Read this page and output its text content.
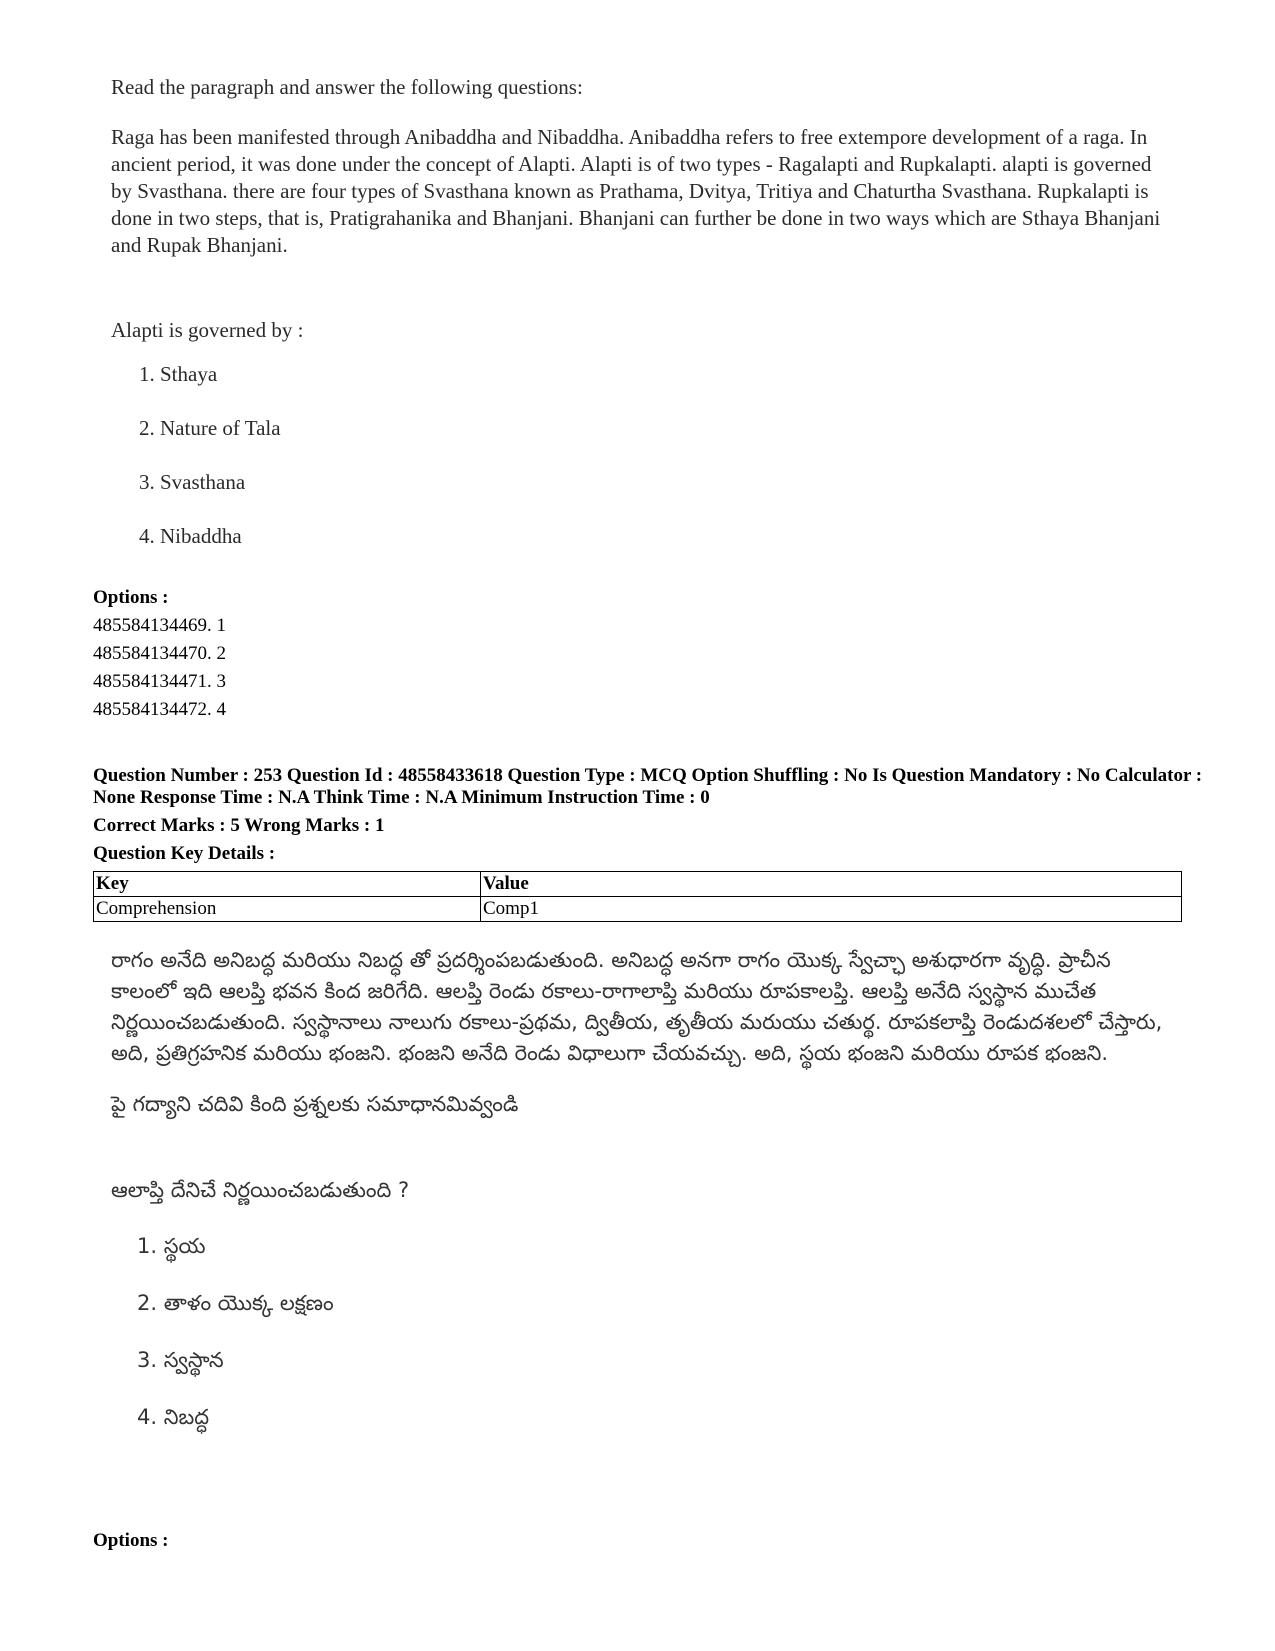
Read the paragraph and answer the following questions:

Raga has been manifested through Anibaddha and Nibaddha. Anibaddha refers to free extempore development of a raga. In ancient period, it was done under the concept of Alapti. Alapti is of two types - Ragalapti and Rupkalapti. alapti is governed by Svasthana. there are four types of Svasthana known as Prathama, Dvitya, Tritiya and Chaturtha Svasthana. Rupkalapti is done in two steps, that is, Pratigrahanika and Bhanjani. Bhanjani can further be done in two ways which are Sthaya Bhanjani and Rupak Bhanjani.

Alapti is governed by :

1. Sthaya
2. Nature of Tala
3. Svasthana
4. Nibaddha
Options :
485584134469. 1
485584134470. 2
485584134471. 3
485584134472. 4
Question Number : 253 Question Id : 48558433618 Question Type : MCQ Option Shuffling : No Is Question Mandatory : No Calculator : None Response Time : N.A Think Time : N.A Minimum Instruction Time : 0
Correct Marks : 5 Wrong Marks : 1
Question Key Details :
Key	Value
Comprehension	Comp1

రాగం అనేది అనిబద్ధ మరియు నిబద్ధ తో ప్రదర్శింపబడుతుంది. అనిబద్ధ అనగా రాగం యొక్క స్వేచ్ఛా అశుధారగా వృద్ధి. ప్రాచీన కాలంలో ఇది ఆలప్తి భవన కింద జరిగేది. ఆలప్తి రెండు రకాలు-రాగాలాప్తి మరియు రూపకాలప్తి. ఆలప్తి అనేది స్వస్థాన ముచేత నిర్ణయించబడుతుంది. స్వస్థానాలు నాలుగు రకాలు-ప్రథమ, ద్వితీయ, తృతీయ మరుయు చతుర్థ. రూపకలాప్తి రెండుదశలలో చేస్తారు, అది, ప్రతిగ్రహనిక మరియు భంజని. భంజని అనేది రెండు విధాలుగా చేయవచ్చు. అది, స్థయ భంజని మరియు రూపక భంజని.

పై గద్యాని చదివి కింది ప్రశ్నలకు సమాధానమివ్వండి

ఆలాప్తి దేనిచే నిర్ణయించబడుతుంది ?

1. స్థయ
2. తాళం యొక్క లక్షణం
3. స్వస్థాన
4. నిబద్ధ
Options :
